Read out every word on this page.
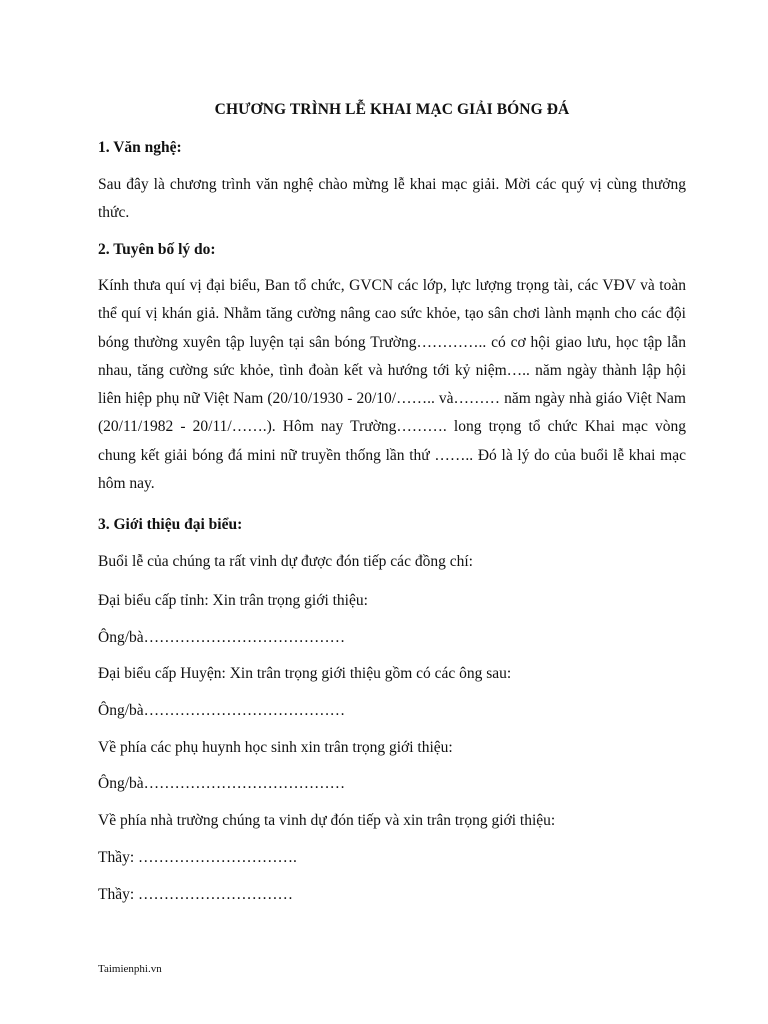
CHƯƠNG TRÌNH LỄ KHAI MẠC GIẢI BÓNG ĐÁ
1. Văn nghệ:
Sau đây là chương trình văn nghệ chào mừng lễ khai mạc giải. Mời các quý vị cùng thưởng thức.
2. Tuyên bố lý do:
Kính thưa quí vị đại biểu, Ban tổ chức, GVCN các lớp, lực lượng trọng tài, các VĐV và toàn thể quí vị khán giả. Nhằm tăng cường nâng cao sức khỏe, tạo sân chơi lành mạnh cho các đội bóng thường xuyên tập luyện tại sân bóng Trường………….. có cơ hội giao lưu, học tập lẫn nhau, tăng cường sức khỏe, tình đoàn kết và hướng tới kỷ niệm….. năm ngày thành lập hội liên hiệp phụ nữ Việt Nam (20/10/1930 - 20/10/…….. và……… năm ngày nhà giáo Việt Nam (20/11/1982 - 20/11/…….). Hôm nay Trường………. long trọng tổ chức Khai mạc vòng chung kết giải bóng đá mini nữ truyền thống lần thứ …….. Đó là lý do của buổi lễ khai mạc hôm nay.
3. Giới thiệu đại biểu:
Buổi lễ của chúng ta rất vinh dự được đón tiếp các đồng chí:
Đại biểu cấp tỉnh: Xin trân trọng giới thiệu:
Ông/bà…………………………………
Đại biểu cấp Huyện: Xin trân trọng giới thiệu gồm có các ông sau:
Ông/bà…………………………………
Về phía các phụ huynh học sinh xin trân trọng giới thiệu:
Ông/bà…………………………………
Về phía nhà trường chúng ta vinh dự đón tiếp và xin trân trọng giới thiệu:
Thầy: ………………………….
Thầy: …………………………
Taimienphi.vn
